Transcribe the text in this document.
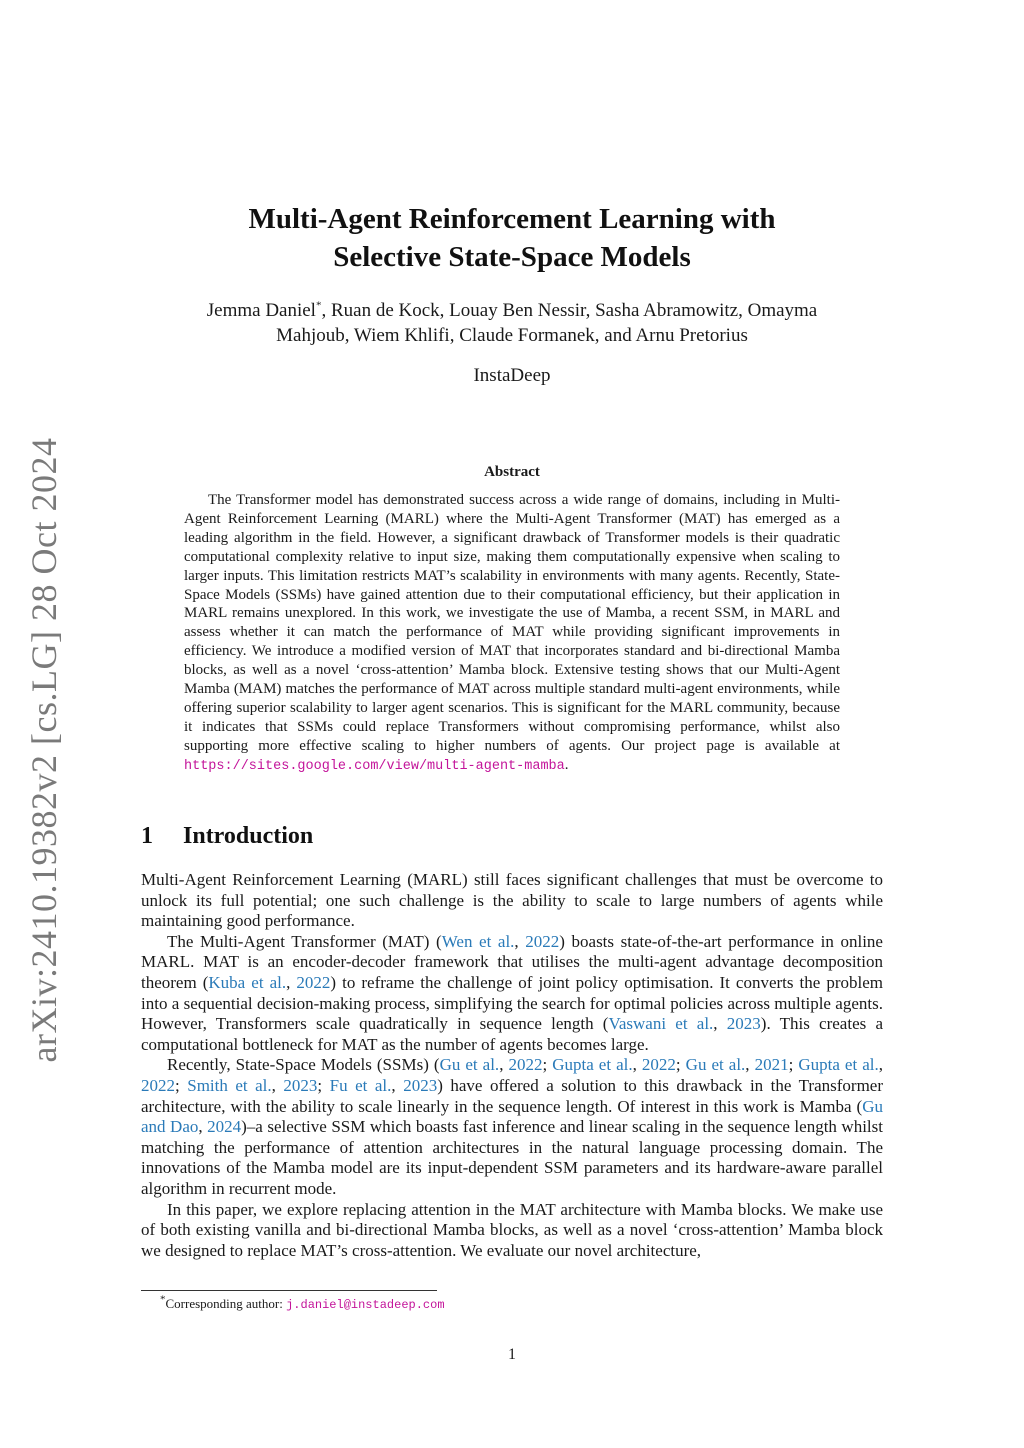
arXiv:2410.19382v2 [cs.LG] 28 Oct 2024
Multi-Agent Reinforcement Learning with
Selective State-Space Models
Jemma Daniel*, Ruan de Kock, Louay Ben Nessir, Sasha Abramowitz, Omayma
Mahjoub, Wiem Khlifi, Claude Formanek, and Arnu Pretorius
InstaDeep
Abstract
The Transformer model has demonstrated success across a wide range of domains, including in Multi-Agent Reinforcement Learning (MARL) where the Multi-Agent Transformer (MAT) has emerged as a leading algorithm in the field. However, a significant drawback of Transformer models is their quadratic computational complexity relative to input size, making them computationally expensive when scaling to larger inputs. This limitation restricts MAT’s scalability in environments with many agents. Recently, State-Space Models (SSMs) have gained attention due to their computational efficiency, but their application in MARL remains unexplored. In this work, we investigate the use of Mamba, a recent SSM, in MARL and assess whether it can match the performance of MAT while providing significant improvements in efficiency. We introduce a modified version of MAT that incorporates standard and bi-directional Mamba blocks, as well as a novel ‘cross-attention’ Mamba block. Extensive testing shows that our Multi-Agent Mamba (MAM) matches the performance of MAT across multiple standard multi-agent environments, while offering superior scalability to larger agent scenarios. This is significant for the MARL community, because it indicates that SSMs could replace Transformers without compromising performance, whilst also supporting more effective scaling to higher numbers of agents. Our project page is available at https://sites.google.com/view/multi-agent-mamba.
1 Introduction

Multi-Agent Reinforcement Learning (MARL) still faces significant challenges that must be overcome to unlock its full potential; one such challenge is the ability to scale to large numbers of agents while maintaining good performance.

The Multi-Agent Transformer (MAT) (Wen et al., 2022) boasts state-of-the-art performance in online MARL. MAT is an encoder-decoder framework that utilises the multi-agent advantage decomposition theorem (Kuba et al., 2022) to reframe the challenge of joint policy optimisation. It converts the problem into a sequential decision-making process, simplifying the search for optimal policies across multiple agents. However, Transformers scale quadratically in sequence length (Vaswani et al., 2023). This creates a computational bottleneck for MAT as the number of agents becomes large.

Recently, State-Space Models (SSMs) (Gu et al., 2022; Gupta et al., 2022; Gu et al., 2021; Gupta et al., 2022; Smith et al., 2023; Fu et al., 2023) have offered a solution to this drawback in the Transformer architecture, with the ability to scale linearly in the sequence length. Of interest in this work is Mamba (Gu and Dao, 2024)–a selective SSM which boasts fast inference and linear scaling in the sequence length whilst matching the performance of attention architectures in the natural language processing domain. The innovations of the Mamba model are its input-dependent SSM parameters and its hardware-aware parallel algorithm in recurrent mode.

In this paper, we explore replacing attention in the MAT architecture with Mamba blocks. We make use of both existing vanilla and bi-directional Mamba blocks, as well as a novel ‘cross-attention’ Mamba block we designed to replace MAT’s cross-attention. We evaluate our novel architecture,

*Corresponding author: j.daniel@instadeep.com
1
